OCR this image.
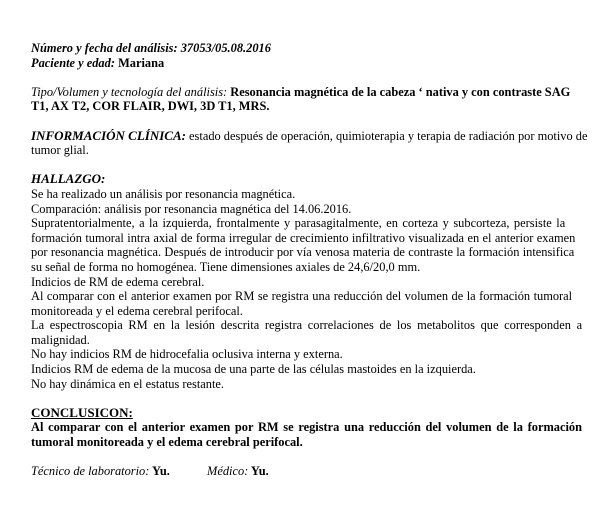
Número y fecha del análisis: 37053/05.08.2016
Paciente y edad: Mariana
Tipo/Volumen y tecnología del análisis: Resonancia magnética de la cabeza ‘ nativa y con contraste SAG
T1, AX T2, COR FLAIR, DWI, 3D T1, MRS.
INFORMACIÓN CLÍNICA: estado después de operación, quimioterapia y terapia de radiación por motivo de
tumor glial.
HALLAZGO:
Se ha realizado un análisis por resonancia magnética.
Comparación: análisis por resonancia magnética del 14.06.2016.
Supratentorialmente, a la izquierda, frontalmente y parasagitalmente, en corteza y subcorteza, persiste la
formación tumoral intra axial de forma irregular de crecimiento infiltrativo visualizada en el anterior examen
por resonancia magnética. Después de introducir por vía venosa materia de contraste la formación intensifica
su señal de forma no homogénea. Tiene dimensiones axiales de 24,6/20,0 mm.
Indicios de RM de edema cerebral.
Al comparar con el anterior examen por RM se registra una reducción del volumen de la formación tumoral
monitoreada y el edema cerebral perifocal.
La espectroscopia RM en la lesión descrita registra correlaciones de los metabolitos que corresponden a
malignidad.
No hay indicios RM de hidrocefalia oclusiva interna y externa.
Indicios RM de edema de la mucosa de una parte de las células mastoides en la izquierda.
No hay dinámica en el estatus restante.
CONCLUSICON:
Al comparar con el anterior examen por RM se registra una reducción del volumen de la formación
tumoral monitoreada y el edema cerebral perifocal.
Técnico de laboratorio: Yu.	Médico: Yu.
